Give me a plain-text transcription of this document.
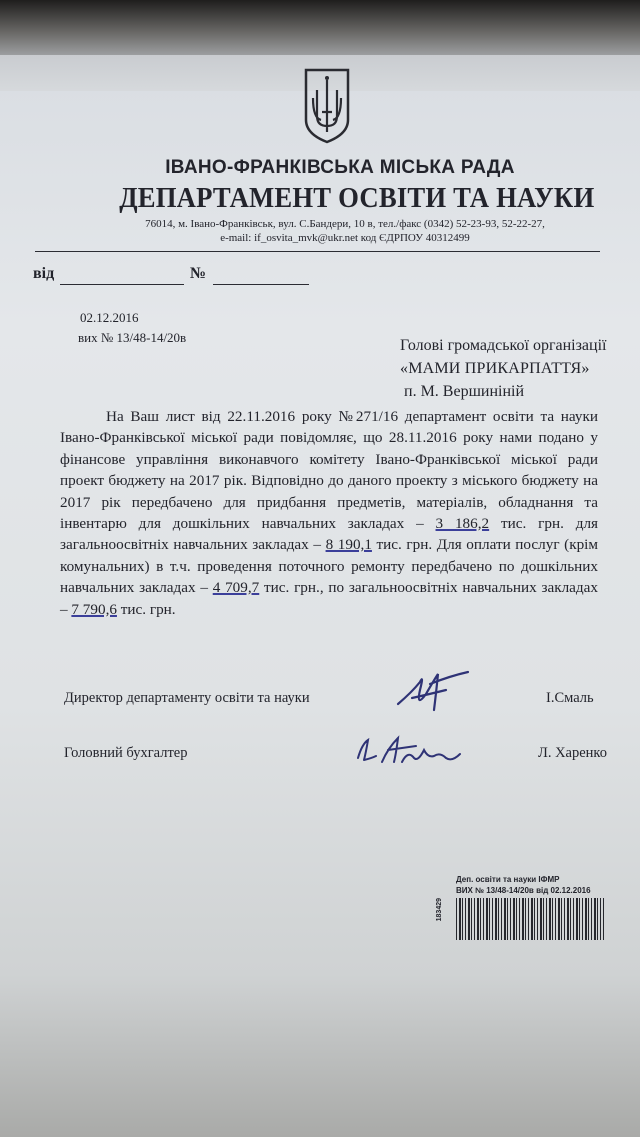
ІВАНО-ФРАНКІВСЬКА МІСЬКА РАДА
ДЕПАРТАМЕНТ ОСВІТИ ТА НАУКИ
76014, м. Івано-Франківськ, вул. С.Бандери, 10 в, тел./факс (0342) 52-23-93, 52-22-27,
e-mail: if_osvita_mvk@ukr.net код ЄДРПОУ 40312499
від	№
02.12.2016
вих № 13/48-14/20в	Голові громадської організації
«МАМИ ПРИКАРПАТТЯ»
п. М. Вершиніній

На Ваш лист від 22.11.2016 року №271/16 департамент освіти та науки Івано-Франківської міської ради повідомляє, що 28.11.2016 року нами подано у фінансове управління виконавчого комітету Івано-Франківської міської ради проект бюджету на 2017 рік. Відповідно до даного проекту з міського бюджету на 2017 рік передбачено для придбання предметів, матеріалів, обладнання та інвентарю для дошкільних навчальних закладах – 3 186,2 тис. грн. для загальноосвітніх навчальних закладах – 8 190,1 тис. грн. Для оплати послуг (крім комунальних) в т.ч. проведення поточного ремонту передбачено по дошкільних навчальних закладах – 4 709,7 тис. грн., по загальноосвітніх навчальних закладах – 7 790,6 тис. грн.

Директор департаменту освіти та науки	І.Смаль
Головний бухгалтер	Л. Харенко
Деп. освіти та науки ІФМР
ВИХ № 13/48-14/20в від 02.12.2016
183429
